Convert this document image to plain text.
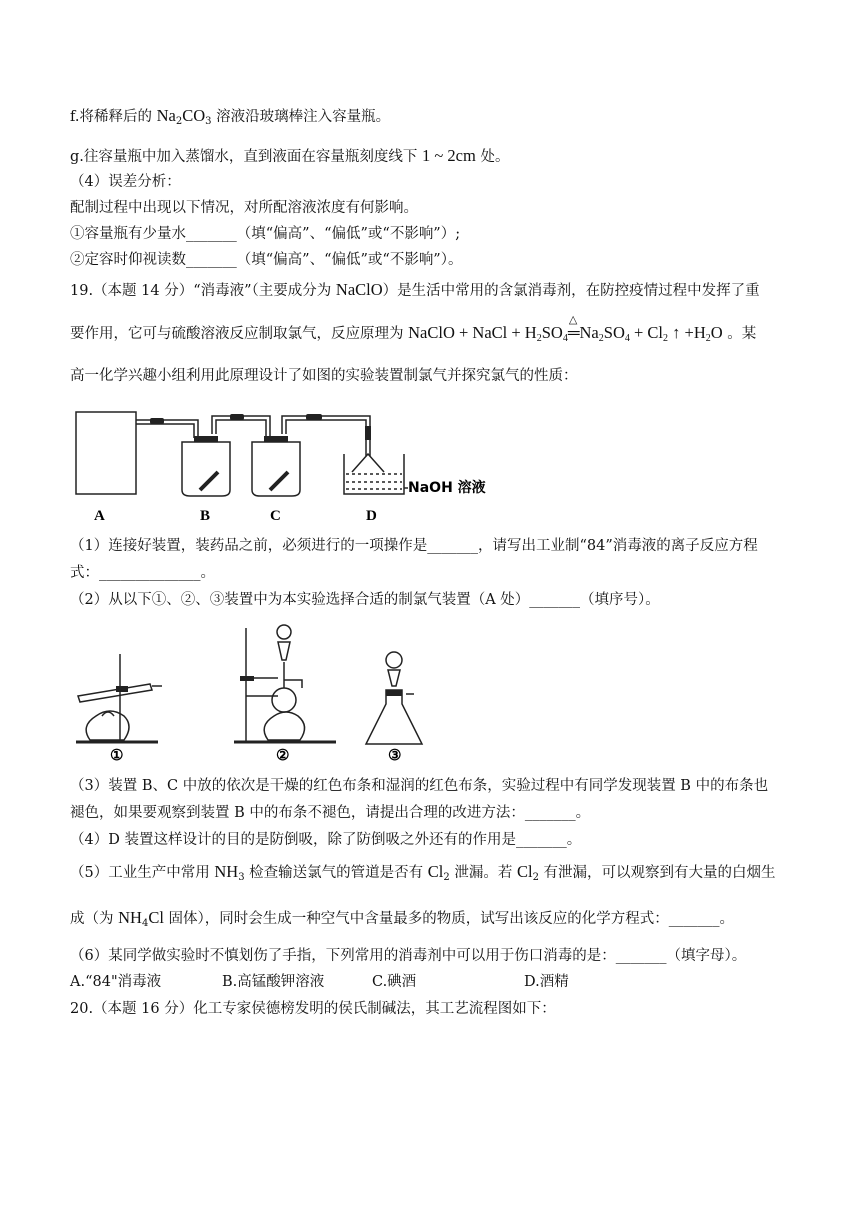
f.将稀释后的 $Na_2CO_3$ 溶液沿玻璃棒注入容量瓶。
g.往容量瓶中加入蒸馏水，直到液面在容量瓶刻度线下 1 ~ 2cm 处。
（4）误差分析：
配制过程中出现以下情况，对所配溶液浓度有何影响。
①容量瓶有少量水_______（填“偏高”、“偏低”或“不影响”）;
②定容时仰视读数_______（填“偏高”、“偏低”或“不影响”）。
19.（本题 14 分）“消毒液”（主要成分为 NaClO）是生活中常用的含氯消毒剂，在防控疫情过程中发挥了重
要作用，它可与硫酸溶液反应制取氯气，反应原理为 NaClO + NaCl + $H_2SO_4\triangle$ $═Na_2SO_4 + Cl_2$ ↑ $+H_2O$ 。某
高一化学兴趣小组利用此原理设计了如图的实验装置制氯气并探究氯气的性质：
A	B	C	D
NaOH 溶液
（1）连接好装置，装药品之前，必须进行的一项操作是_______，请写出工业制“84”消毒液的离子反应方程
式：______________。
（2）从以下①、②、③装置中为本实验选择合适的制氯气装置（A 处）_______（填序号）。
①	②	③
（3）装置 B、C 中放的依次是干燥的红色布条和湿润的红色布条，实验过程中有同学发现装置 B 中的布条也
褪色，如果要观察到装置 B 中的布条不褪色，请提出合理的改进方法：_______。
（4）D 装置这样设计的目的是防倒吸，除了防倒吸之外还有的作用是_______。
（5）工业生产中常用 $NH_3$ 检查输送氯气的管道是否有 $Cl_2$ 泄漏。若 $Cl_2$ 有泄漏，可以观察到有大量的白烟生
成（为 $NH_4Cl$ 固体），同时会生成一种空气中含量最多的物质，试写出该反应的化学方程式：_______。
（6）某同学做实验时不慎划伤了手指，下列常用的消毒剂中可以用于伤口消毒的是：_______（填字母）。
A.“84"消毒液	B.高锰酸钾溶液	C.碘酒	D.酒精
20.（本题 16 分）化工专家侯德榜发明的侯氏制碱法，其工艺流程图如下：
